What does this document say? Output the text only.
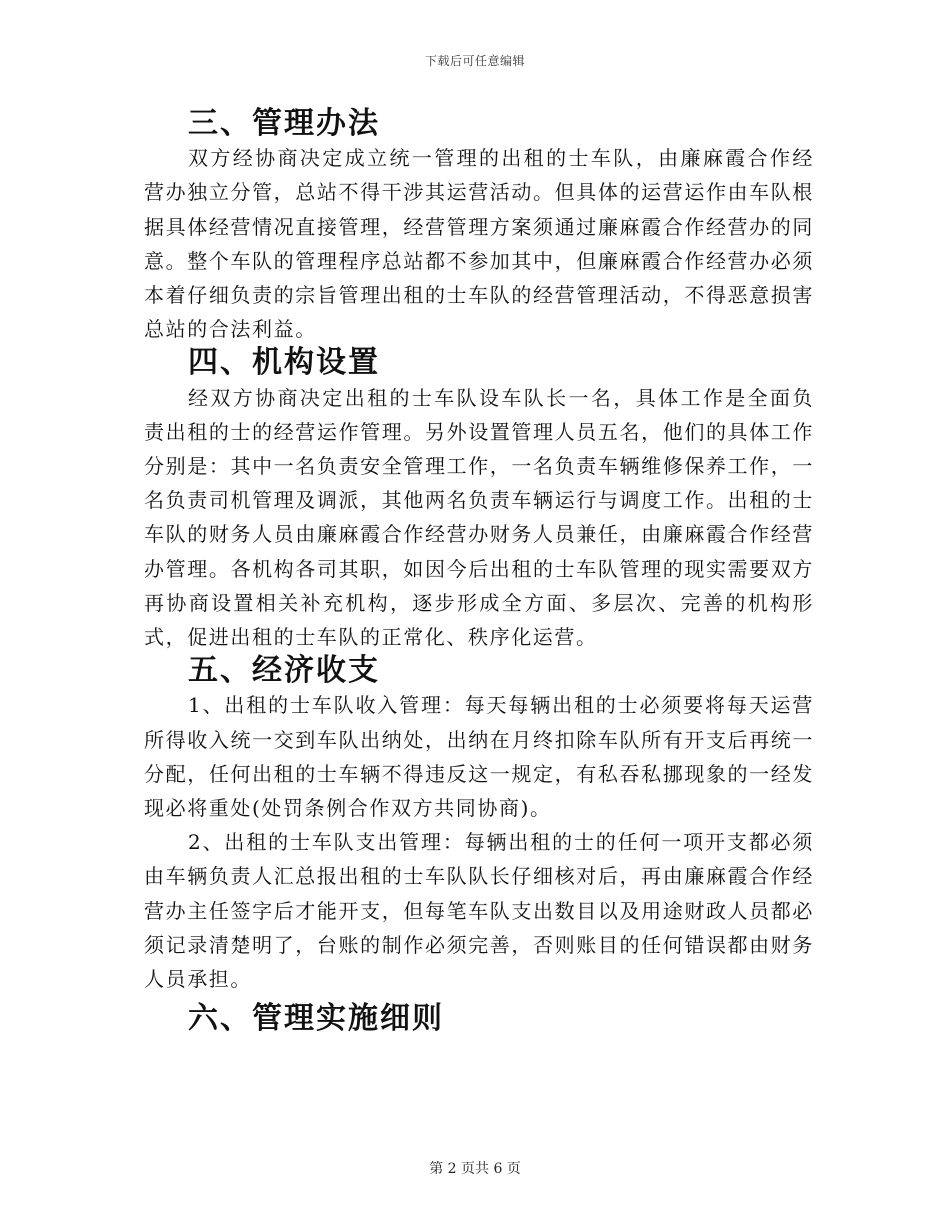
下载后可任意编辑
三、管理办法

双方经协商决定成立统一管理的出租的士车队，由廉麻霞合作经营办独立分管，总站不得干涉其运营活动。但具体的运营运作由车队根据具体经营情况直接管理，经营管理方案须通过廉麻霞合作经营办的同意。整个车队的管理程序总站都不参加其中，但廉麻霞合作经营办必须本着仔细负责的宗旨管理出租的士车队的经营管理活动，不得恶意损害总站的合法利益。

四、机构设置

经双方协商决定出租的士车队设车队长一名，具体工作是全面负责出租的士的经营运作管理。另外设置管理人员五名，他们的具体工作分别是：其中一名负责安全管理工作，一名负责车辆维修保养工作，一名负责司机管理及调派，其他两名负责车辆运行与调度工作。出租的士车队的财务人员由廉麻霞合作经营办财务人员兼任，由廉麻霞合作经营办管理。各机构各司其职，如因今后出租的士车队管理的现实需要双方再协商设置相关补充机构，逐步形成全方面、多层次、完善的机构形式，促进出租的士车队的正常化、秩序化运营。

五、经济收支

1、出租的士车队收入管理：每天每辆出租的士必须要将每天运营所得收入统一交到车队出纳处，出纳在月终扣除车队所有开支后再统一分配，任何出租的士车辆不得违反这一规定，有私吞私挪现象的一经发现必将重处(处罚条例合作双方共同协商)。

2、出租的士车队支出管理：每辆出租的士的任何一项开支都必须由车辆负责人汇总报出租的士车队队长仔细核对后，再由廉麻霞合作经营办主任签字后才能开支，但每笔车队支出数目以及用途财政人员都必须记录清楚明了，台账的制作必须完善，否则账目的任何错误都由财务人员承担。

六、管理实施细则
第 2 页共 6 页
